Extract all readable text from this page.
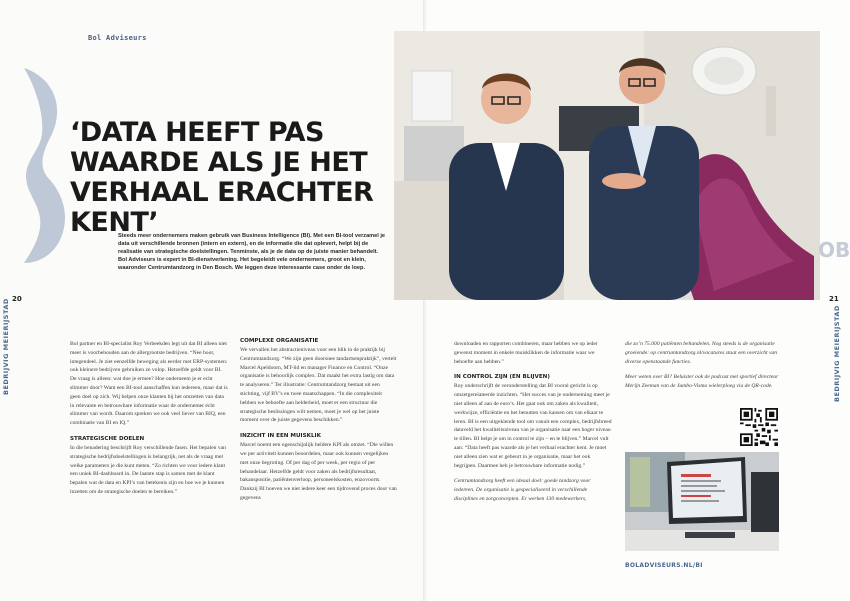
Bol Adviseurs
‘DATA HEEFT PAS WAARDE ALS JE HET VERHAAL ERACHTER KENT’

Steeds meer ondernemers maken gebruik van Business Intelligence (BI). Met een BI-tool verzamel je data uit verschillende bronnen (intern en extern), en de informatie die dat oplevert, helpt bij de realisatie van strategische doelstellingen. Tenminste, als je de data op de juiste manier behandelt. Bol Adviseurs is expert in BI-dienstverlening. Het begeleidt vele ondernemers, groot en klein, waaronder Centrumtandzorg in Den Bosch. We leggen deze interessante case onder de loep.

20
BEDRIJVIG MEIERIJSTAD
OB
21
BEDRIJVIG MEIERIJSTAD

Bol partner en BI-specialist Roy Verbeekden legt uit dat BI alleen niet meer is voorbehouden aan de allergrootste bedrijven. “Nee hoor, integendeel. Je ziet eenzelfde beweging als eerder met ERP-systemen: ook kleinere bedrijven gebruiken ze volop. Hetzelfde geldt voor BI. De vraag is alleen: wat doe je ermee? Hoe onderneem je er echt slimmer door? Want een BI-tool aanschaffen kun iedereen, maar dat is geen doel op zich. Wij helpen onze klanten bij het omzetten van data in relevante en betrouwbare informatie waar de ondernemer écht slimmer van wordt. Daarom spreken we ook veel liever van BIQ, een combinatie van BI en IQ.”

STRATEGISCHE DOELEN

In die benadering beschrijft Roy verschillende fasen. Het bepalen van strategische bedrijfsdoelstellingen is belangrijk, net als de vraag met welke parameters je die kunt meten. “Zo richten we voor iedere klant een uniek BI-dashboard in. De laatste stap is samen met de klant bepalen wat de data en KPI’s van betekenis zijn en hoe we je kunnen inzetten om de strategische doelen te bereiken.”

COMPLEXE ORGANISATIE

We vervallen het abstractieniveau voor een blik in de praktijk bij Centrumtandzorg. “We zijn geen doorsnee tandartsenpraktijk”, vertelt Marcel Apeldoorn, MT-lid en manager Finance en Control. “Onze organisatie is behoorlijk complex. Dat maakt het extra lastig om data te analyseren.” Ter illustratie: Centrumtandzorg bestaat uit een stichting, vijf BV’s en twee maatschappen. “In die complexiteit hebben we behoefte aan helderheid, moet er een structuur die strategische beslissingen wilt nemen, moet je wel op het juiste moment over de juiste gegevens beschikken.”

INZICHT IN EEN MUISKLIK

Marcel noemt een ogenschijnlijk heldere KPI als omzet. “Die willen we per activiteit kunnen beoordelen, maar ook kunnen vergelijken met onze begroting. Of per dag of per week, per regio of per behandelaar. Hetzelfde geldt voor zaken als bedrijfsresultaat, bakanspositie, patiëntenverloop, personeelskosten, enzovoorts. Dankzij BI hoeven we niet iedere keer een tijdrovend proces door van gegevens

downloaden en rapporten combineren, maar hebben we op ieder gewenst moment in enkele muisklikken de informatie waar we behoefte aan hebben.”

IN CONTROL ZIJN (EN BLIJVEN)

Roy onderschrijft de veronderstelling dat BI vooral gericht is op omzetgerelateerde inzichten. “Het succes van je onderneming meet je niet alleen af aan de euro’s. Het gaat ook om zaken als kwaliteit, werkwijze, efficiëntie en het benutten van kansen om van elkaar te leren. BI is een uitgekiende tool om vanuit een complex, bedrijfsbreed dataveld het kwaliteitsniveau van je organisatie naar een hoger niveau te tillen. BI helpt je om in control te zijn – en te blijven.” Marcel vult aan: “Data heeft pas waarde als je het verhaal erachter kent. Je moet niet alleen zien wat er gebeurt in je organisatie, maar het ook begrijpen. Daarmee heb je betrouwbare informatie nodig.”

Centrumtandzorg heeft een ideaal doel: goede tandzorg voor iedereen. De organisatie is gespecialiseerd in verschillende disciplines en zorgconcepten. Er werken 130 medewerkers,

die zo’n 75.000 patiënten behandelen. Nog steeds is de organisatie groeiende: op centrumtandzorg.nl/vacatures staat een overzicht van diverse openstaande functies.

Meer weten over BI? Beluister ook de podcast met sportief directeur Merijn Zeeman van de Jumbo-Visma wielerploeg via de QR-code.

BOLADVISEURS.NL/BI
